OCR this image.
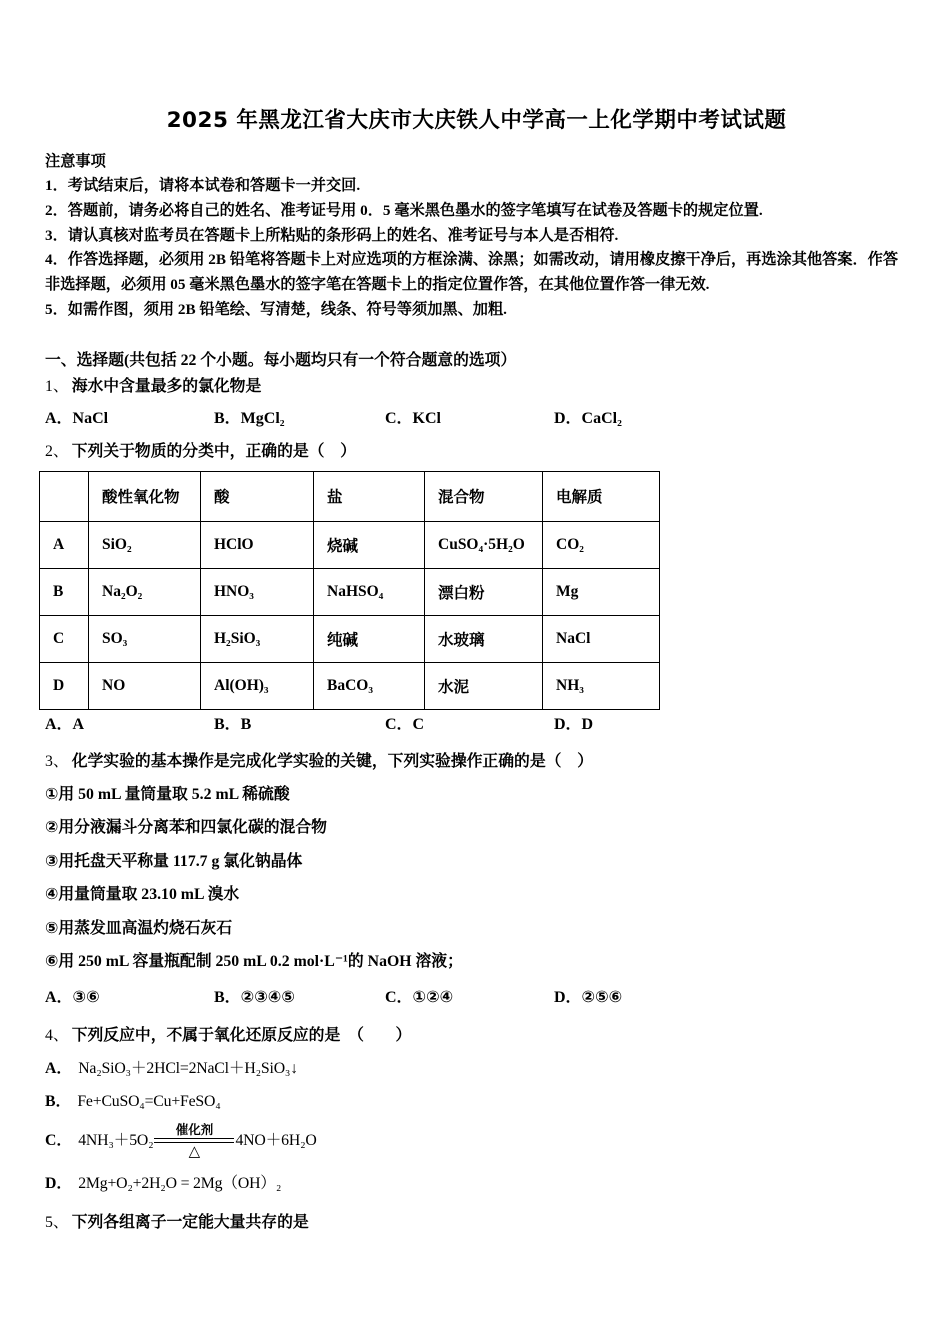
2025 年黑龙江省大庆市大庆铁人中学高一上化学期中考试试题
注意事项

1．考试结束后，请将本试卷和答题卡一并交回.

2．答题前，请务必将自己的姓名、准考证号用 0．5 毫米黑色墨水的签字笔填写在试卷及答题卡的规定位置.

3．请认真核对监考员在答题卡上所粘贴的条形码上的姓名、准考证号与本人是否相符.

4．作答选择题，必须用 2B 铅笔将答题卡上对应选项的方框涂满、涂黑；如需改动，请用橡皮擦干净后，再选涂其他答案．作答非选择题，必须用 05 毫米黑色墨水的签字笔在答题卡上的指定位置作答，在其他位置作答一律无效.

5．如需作图，须用 2B 铅笔绘、写清楚，线条、符号等须加黑、加粗.

一、选择题(共包括 22 个小题。每小题均只有一个符合题意的选项）

1、 海水中含量最多的氯化物是

A．NaCl	B．MgCl₂	C．KCl	D．CaCl₂

2、 下列关于物质的分类中，正确的是（　）

	酸性氧化物	酸	盐	混合物	电解质
A	SiO₂	HClO	烧碱	CuSO₄·5H₂O	CO₂
B	Na₂O₂	HNO₃	NaHSO₄	漂白粉	Mg
C	SO₃	H₂SiO₃	纯碱	水玻璃	NaCl
D	NO	Al(OH)₃	BaCO₃	水泥	NH₃
A．A	B．B	C．C	D．D

3、 化学实验的基本操作是完成化学实验的关键，下列实验操作正确的是（　）

①用 50 mL 量筒量取 5.2 mL 稀硫酸

②用分液漏斗分离苯和四氯化碳的混合物

③用托盘天平称量 117.7 g 氯化钠晶体

④用量筒量取 23.10 mL 溴水

⑤用蒸发皿高温灼烧石灰石

⑥用 250 mL 容量瓶配制 250 mL 0.2 mol·L⁻¹的 NaOH 溶液；

A．③⑥	B．②③④⑤	C．①②④	D．②⑤⑥

4、 下列反应中，不属于氧化还原反应的是　（　　）

A． Na₂SiO₃＋2HCl=2NaCl＋H₂SiO₃↓

B． Fe+CuSO₄=Cu+FeSO₄

C． 4NH₃＋5O₂
催化剂
△
4NO＋6H₂O

D． 2Mg+O₂+2H₂O = 2Mg（OH）₂

5、 下列各组离子一定能大量共存的是
